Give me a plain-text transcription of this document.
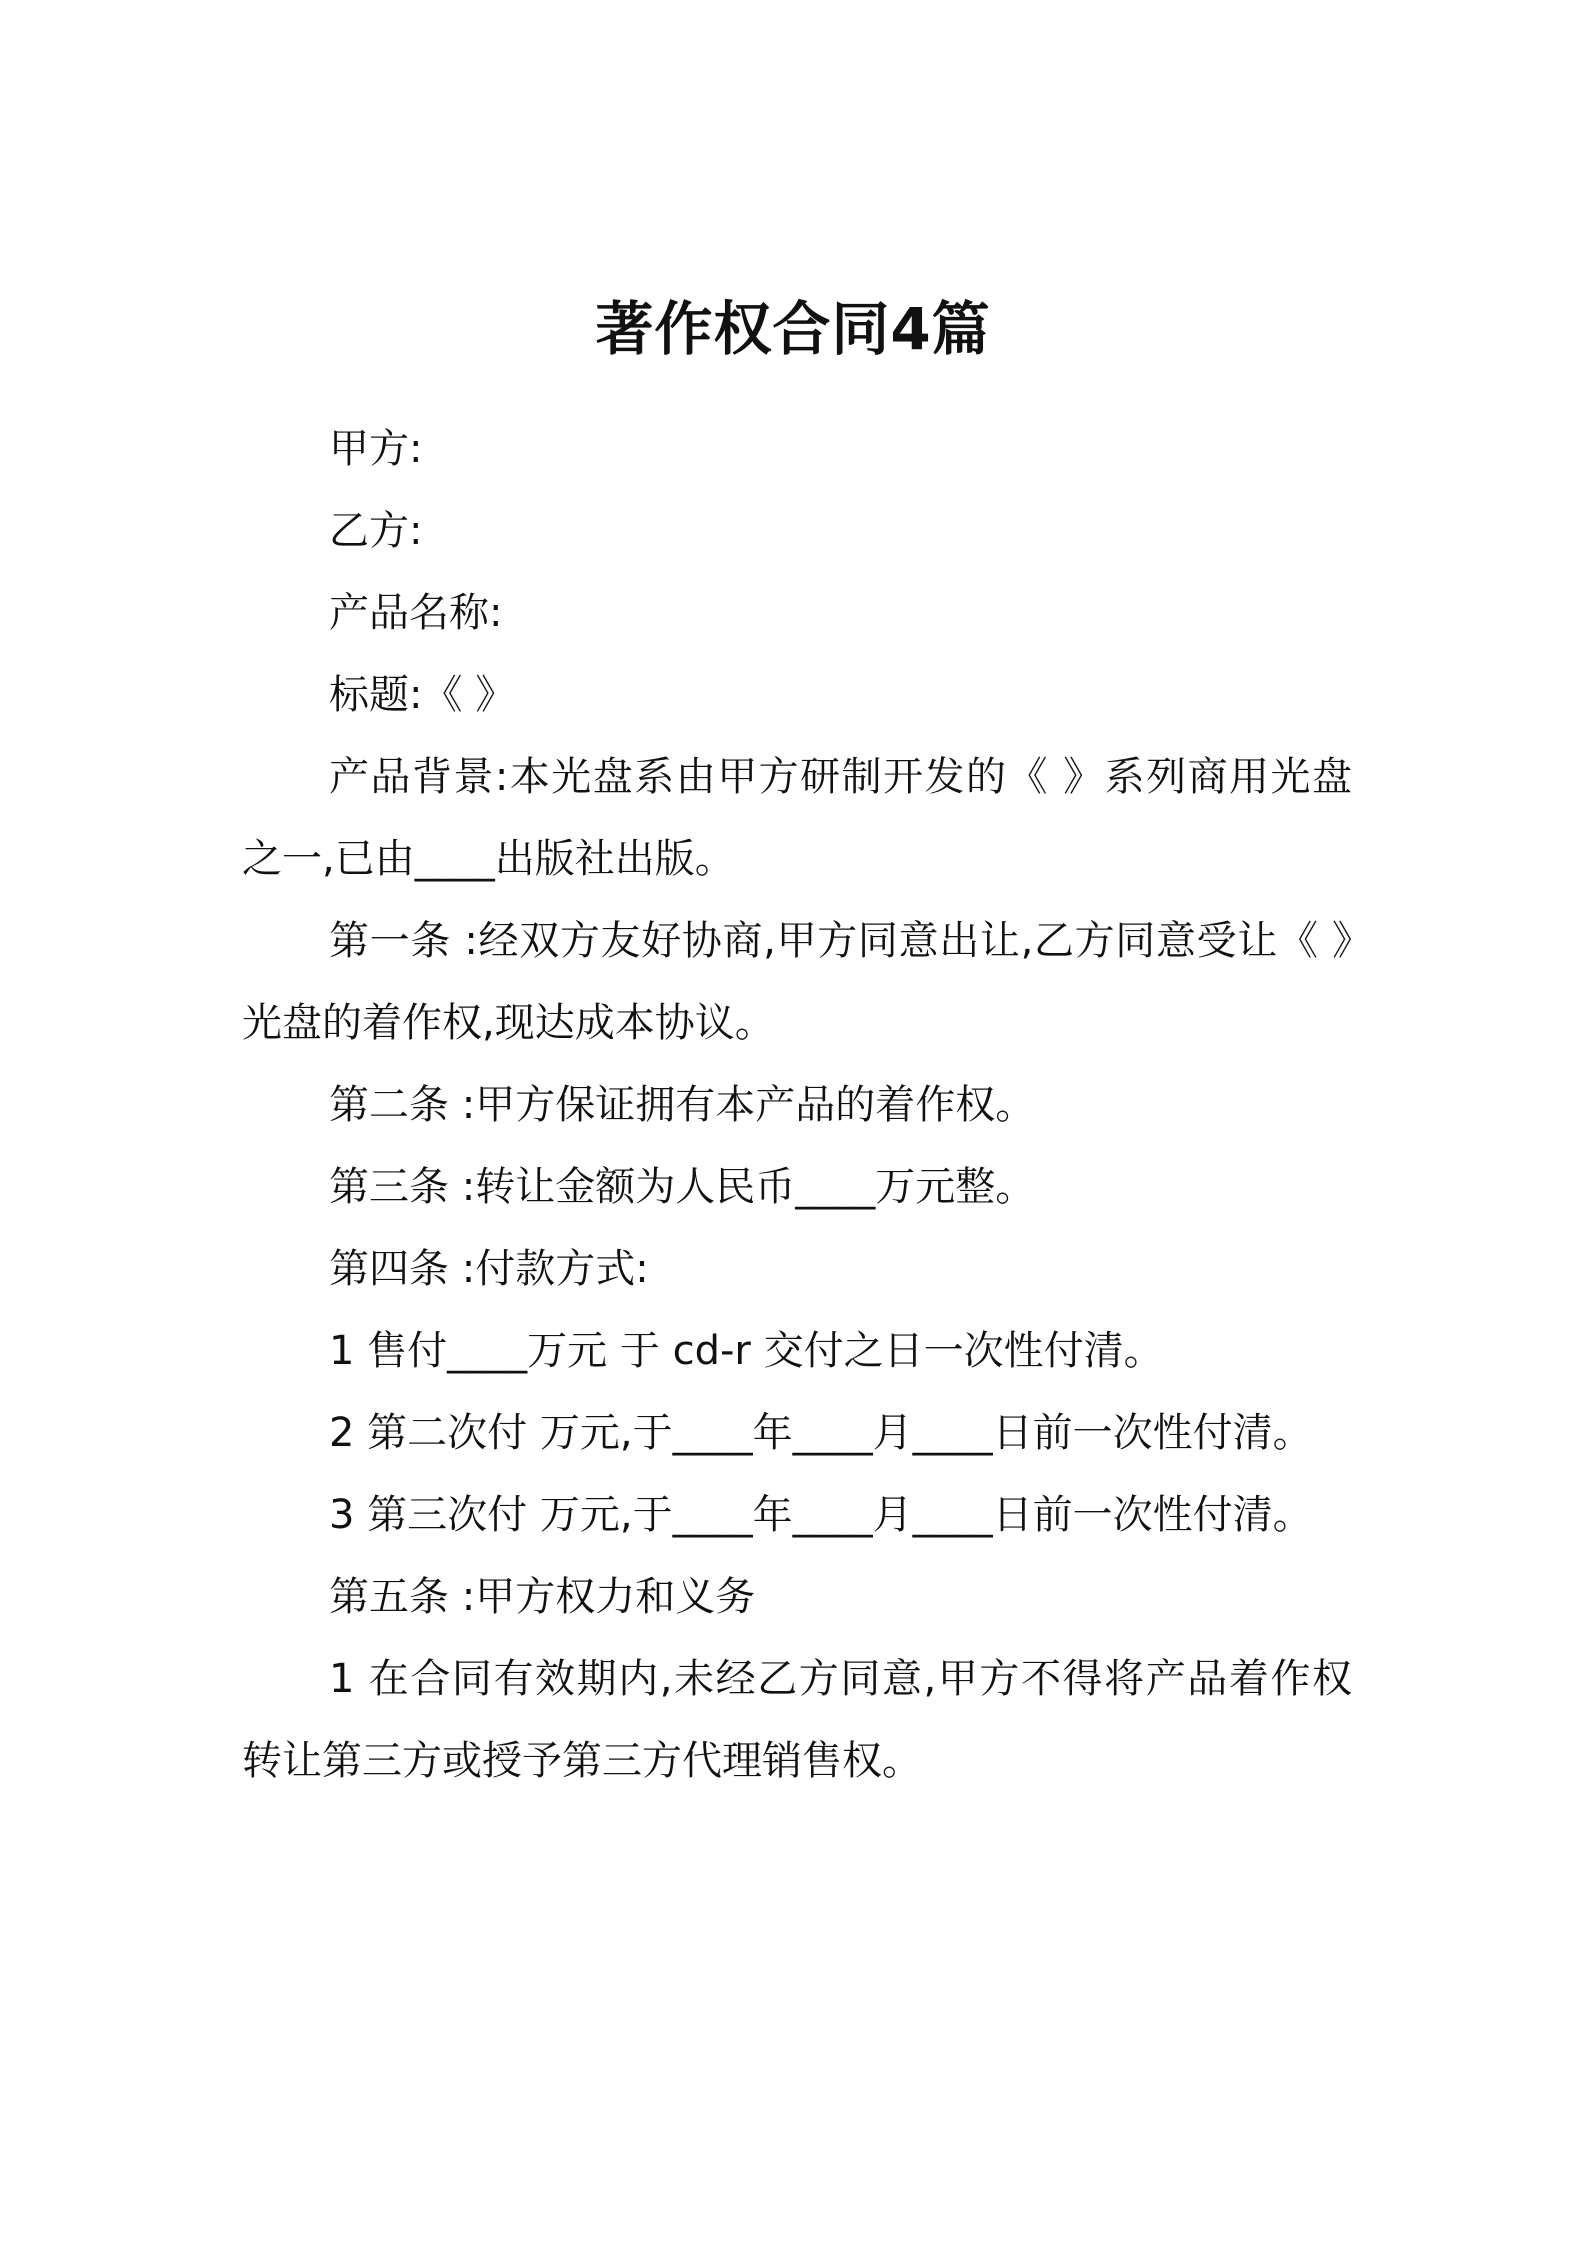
著作权合同4篇

甲方:

乙方:

产品名称:

标题:《 》

产品背景:本光盘系由甲方研制开发的《 》系列商用光盘之一,已由____出版社出版。

第一条 :经双方友好协商,甲方同意出让,乙方同意受让《 》光盘的着作权,现达成本协议。

第二条 :甲方保证拥有本产品的着作权。

第三条 :转让金额为人民币____万元整。

第四条 :付款方式:

1 售付____万元 于 cd-r 交付之日一次性付清。

2 第二次付 万元,于____年____月____日前一次性付清。

3 第三次付 万元,于____年____月____日前一次性付清。

第五条 :甲方权力和义务

1 在合同有效期内,未经乙方同意,甲方不得将产品着作权转让第三方或授予第三方代理销售权。
